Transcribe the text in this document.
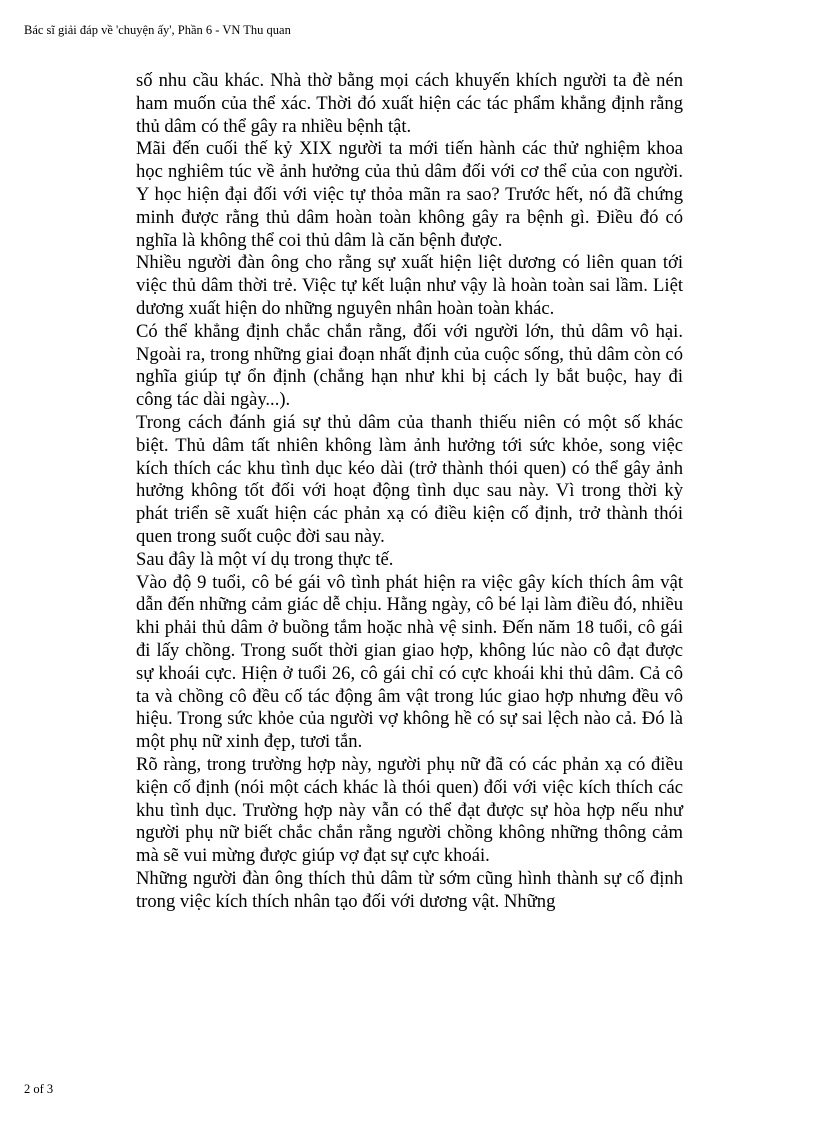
Bác sĩ giải đáp về 'chuyện ấy', Phần 6 - VN Thu quan

số nhu cầu khác. Nhà thờ bằng mọi cách khuyến khích người ta đè nén ham muốn của thể xác. Thời đó xuất hiện các tác phẩm khẳng định rằng thủ dâm có thể gây ra nhiều bệnh tật.

Mãi đến cuối thế kỷ XIX người ta mới tiến hành các thử nghiệm khoa học nghiêm túc về ảnh hưởng của thủ dâm đối với cơ thể của con người. Y học hiện đại đối với việc tự thỏa mãn ra sao? Trước hết, nó đã chứng minh được rằng thủ dâm hoàn toàn không gây ra bệnh gì. Điều đó có nghĩa là không thể coi thủ dâm là căn bệnh được.

Nhiều người đàn ông cho rằng sự xuất hiện liệt dương có liên quan tới việc thủ dâm thời trẻ. Việc tự kết luận như vậy là hoàn toàn sai lầm. Liệt dương xuất hiện do những nguyên nhân hoàn toàn khác.

Có thể khẳng định chắc chắn rằng, đối với người lớn, thủ dâm vô hại. Ngoài ra, trong những giai đoạn nhất định của cuộc sống, thủ dâm còn có nghĩa giúp tự ổn định (chẳng hạn như khi bị cách ly bắt buộc, hay đi công tác dài ngày...).

Trong cách đánh giá sự thủ dâm của thanh thiếu niên có một số khác biệt. Thủ dâm tất nhiên không làm ảnh hưởng tới sức khỏe, song việc kích thích các khu tình dục kéo dài (trở thành thói quen) có thể gây ảnh hưởng không tốt đối với hoạt động tình dục sau này. Vì trong thời kỳ phát triển sẽ xuất hiện các phản xạ có điều kiện cố định, trở thành thói quen trong suốt cuộc đời sau này.

Sau đây là một ví dụ trong thực tế.

Vào độ 9 tuổi, cô bé gái vô tình phát hiện ra việc gây kích thích âm vật dẫn đến những cảm giác dễ chịu. Hằng ngày, cô bé lại làm điều đó, nhiều khi phải thủ dâm ở buồng tắm hoặc nhà vệ sinh. Đến năm 18 tuổi, cô gái đi lấy chồng. Trong suốt thời gian giao hợp, không lúc nào cô đạt được sự khoái cực. Hiện ở tuổi 26, cô gái chỉ có cực khoái khi thủ dâm. Cả cô ta và chồng cô đều cố tác động âm vật trong lúc giao hợp nhưng đều vô hiệu. Trong sức khỏe của người vợ không hề có sự sai lệch nào cả. Đó là một phụ nữ xinh đẹp, tươi tắn.

Rõ ràng, trong trường hợp này, người phụ nữ đã có các phản xạ có điều kiện cố định (nói một cách khác là thói quen) đối với việc kích thích các khu tình dục. Trường hợp này vẫn có thể đạt được sự hòa hợp nếu như người phụ nữ biết chắc chắn rằng người chồng không những thông cảm mà sẽ vui mừng được giúp vợ đạt sự cực khoái.

Những người đàn ông thích thủ dâm từ sớm cũng hình thành sự cố định trong việc kích thích nhân tạo đối với dương vật. Những

2 of 3
